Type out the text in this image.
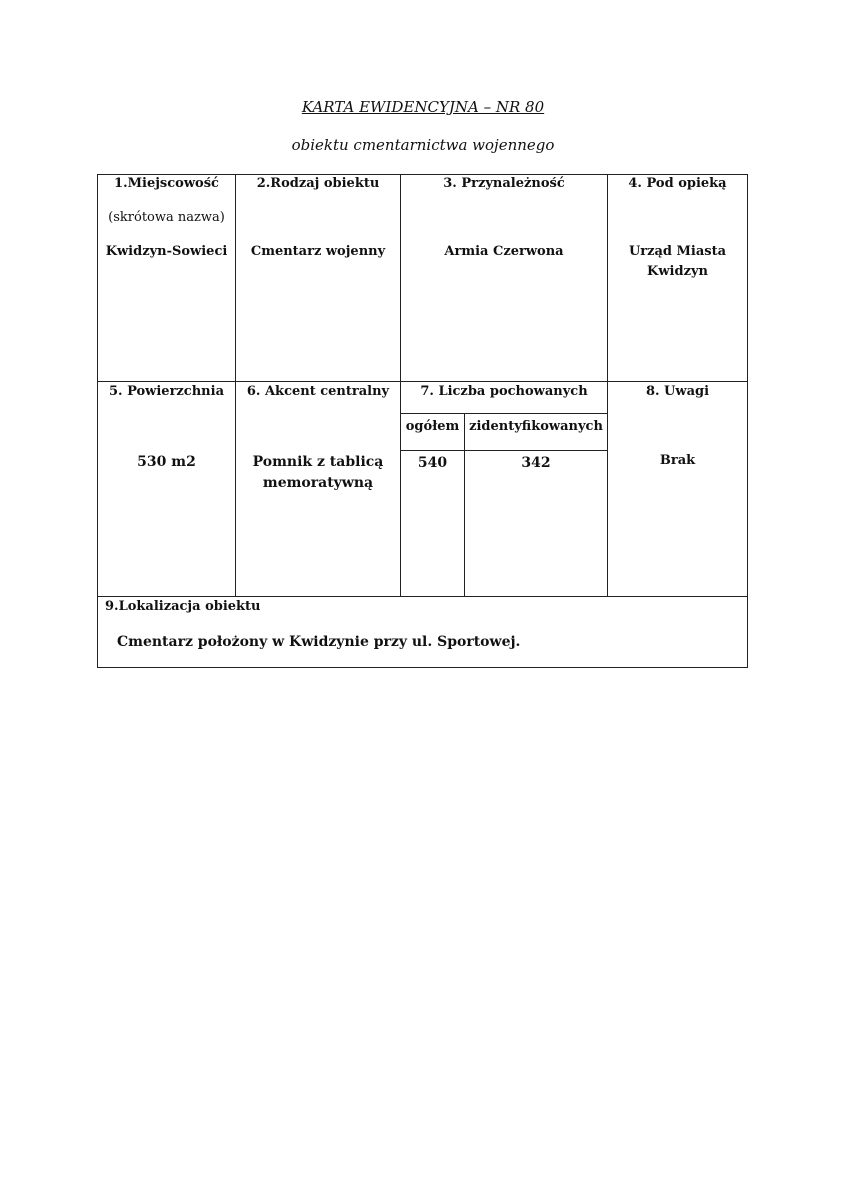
KARTA EWIDENCYJNA – NR 80
obiektu cmentarnictwa wojennego
1.Miejscowość
(skrótowa nazwa)
Kwidzyn-Sowieci
2.Rodzaj obiektu
Cmentarz wojenny
3. Przynależność
Armia Czerwona
4. Pod opieką
Urząd Miasta
Kwidzyn
5. Powierzchnia
530 m2
6. Akcent centralny
Pomnik z tablicą
memoratywną
7. Liczba pochowanych
ogółem zidentyfikowanych
540	342
8. Uwagi
Brak
9.Lokalizacja obiektu
Cmentarz położony w Kwidzynie przy ul. Sportowej.
